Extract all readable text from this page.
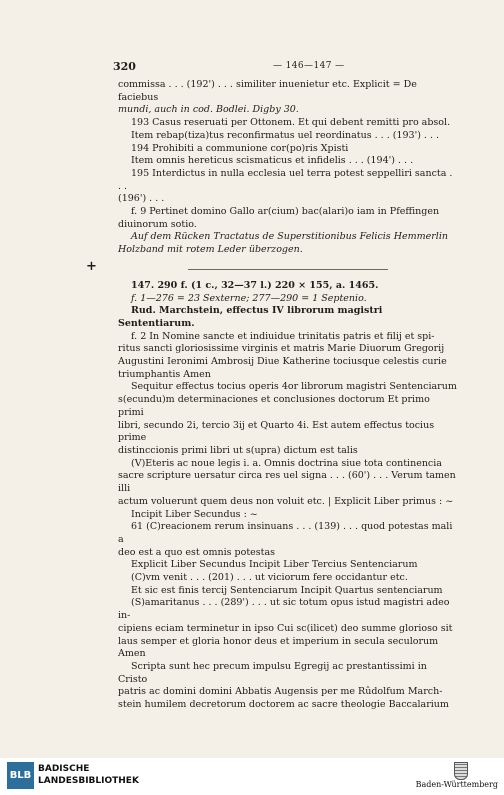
320	— 146—147 —
+

commissa . . . (192') . . . similiter inuenietur etc. Explicit = De faciebus

mundi, auch in cod. Bodlei. Digby 30.

193 Casus reseruati per Ottonem. Et qui debent remitti pro absol.

Item rebap(tiza)tus reconfirmatus uel reordinatus . . . (193') . . .

194 Prohibiti a communione cor(po)ris Xpisti

Item omnis hereticus scismaticus et infidelis . . . (194') . . .

195 Interdictus in nulla ecclesia uel terra potest seppelliri sancta . . .

(196') . . .

f. 9 Pertinet domino Gallo ar(cium) bac(alari)o iam in Pfeffingen

diuinorum sotio.

Auf dem Rücken Tractatus de Superstitionibus Felicis Hemmerlin

Holzband mit rotem Leder überzogen.

147. 290 f. (1 c., 32—37 l.) 220 × 155, a. 1465.

f. 1—276 = 23 Sexterne; 277—290 = 1 Septenio.

Rud. Marchstein, effectus IV librorum magistri Sententiarum.

f. 2 In Nomine sancte et indiuidue trinitatis patris et filij et spi-

ritus sancti gloriosissime virginis et matris Marie Diuorum Gregorij

Augustini Ieronimi Ambrosij Diue Katherine tociusque celestis curie

triumphantis Amen

Sequitur effectus tocius operis 4or librorum magistri Sentenciarum

s(ecundu)m determinaciones et conclusiones doctorum Et primo primi

libri, secundo 2i, tercio 3ij et Quarto 4i. Est autem effectus tocius prime

distinccionis primi libri ut s(upra) dictum est talis

(V)Eteris ac noue legis i. a. Omnis doctrina siue tota continencia

sacre scripture uersatur circa res uel signa . . . (60') . . . Verum tamen illi

actum voluerunt quem deus non voluit etc. | Explicit Liber primus : ~

Incipit Liber Secundus : ~

61 (C)reacionem rerum insinuans . . . (139) . . . quod potestas mali a

deo est a quo est omnis potestas

Explicit Liber Secundus Incipit Liber Tercius Sentenciarum

(C)vm venit . . . (201) . . . ut viciorum fere occidantur etc.

Et sic est finis tercij Sentenciarum Incipit Quartus sentenciarum

(S)amaritanus . . . (289') . . . ut sic totum opus istud magistri adeo in-

cipiens eciam terminetur in ipso Cui sc(ilicet) deo summe glorioso sit

laus semper et gloria honor deus et imperium in secula seculorum Amen

Scripta sunt hec precum impulsu Egregij ac prestantissimi in Cristo

patris ac domini domini Abbatis Augensis per me Rûdolfum March-

stein humilem decretorum doctorem ac sacre theologie Baccalarium

BLB
BADISCHE
LANDESBIBLIOTHEK	Baden-Württemberg
